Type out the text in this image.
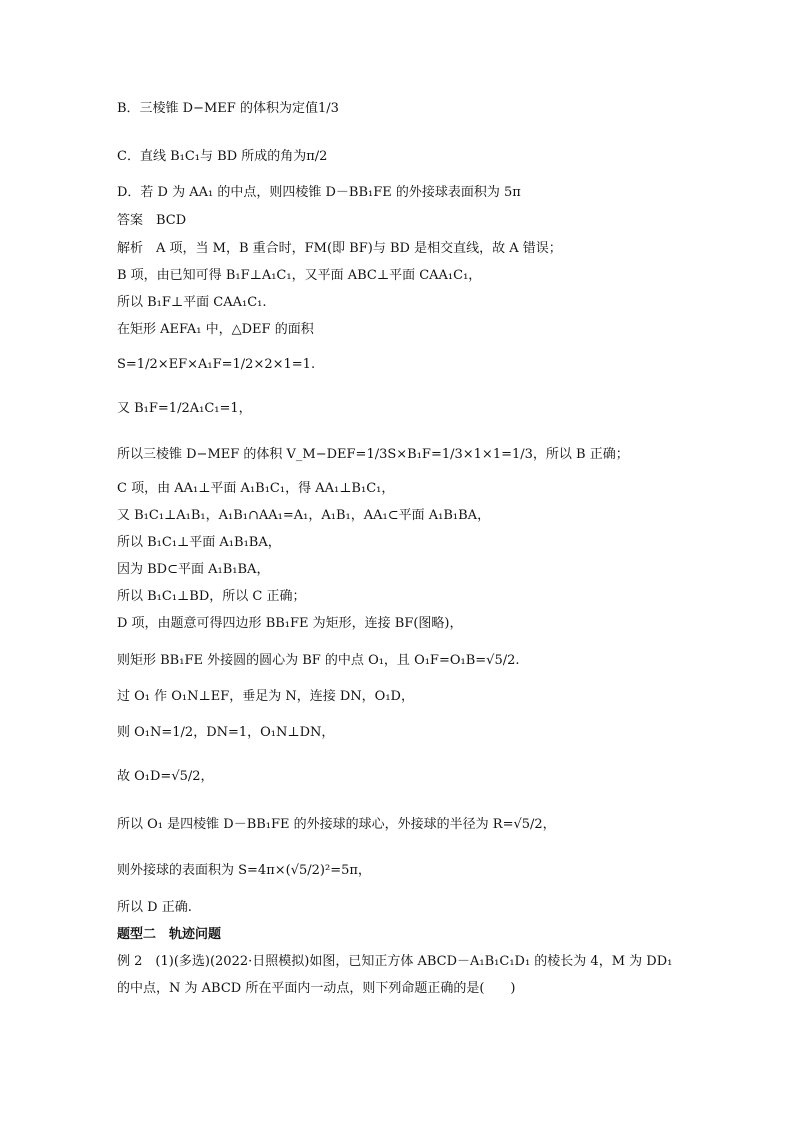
B．三棱锥 D−MEF 的体积为定值1/3
C．直线 B₁C₁与 BD 所成的角为π/2
D．若 D 为 AA₁ 的中点，则四棱锥 D－BB₁FE 的外接球表面积为 5π
答案　BCD
解析　A 项，当 M，B 重合时，FM(即 BF)与 BD 是相交直线，故 A 错误；
B 项，由已知可得 B₁F⊥A₁C₁，又平面 ABC⊥平面 CAA₁C₁，
所以 B₁F⊥平面 CAA₁C₁.
在矩形 AEFA₁ 中，△DEF 的面积
S=1/2×EF×A₁F=1/2×2×1=1.
又 B₁F=1/2A₁C₁=1，
所以三棱锥 D−MEF 的体积 V_M−DEF=1/3S×B₁F=1/3×1×1=1/3，所以 B 正确；
C 项，由 AA₁⊥平面 A₁B₁C₁，得 AA₁⊥B₁C₁，
又 B₁C₁⊥A₁B₁，A₁B₁∩AA₁=A₁，A₁B₁，AA₁⊂平面 A₁B₁BA，
所以 B₁C₁⊥平面 A₁B₁BA，
因为 BD⊂平面 A₁B₁BA，
所以 B₁C₁⊥BD，所以 C 正确；
D 项，由题意可得四边形 BB₁FE 为矩形，连接 BF(图略)，
则矩形 BB₁FE 外接圆的圆心为 BF 的中点 O₁，且 O₁F=O₁B=√5/2.
过 O₁ 作 O₁N⊥EF，垂足为 N，连接 DN，O₁D，
则 O₁N=1/2，DN=1，O₁N⊥DN，
故 O₁D=√5/2，
所以 O₁ 是四棱锥 D－BB₁FE 的外接球的球心，外接球的半径为 R=√5/2，
则外接球的表面积为 S=4π×(√5/2)²=5π，
所以 D 正确.
题型二　轨迹问题
例 2　(1)(多选)(2022·日照模拟)如图，已知正方体 ABCD－A₁B₁C₁D₁ 的棱长为 4，M 为 DD₁
的中点，N 为 ABCD 所在平面内一动点，则下列命题正确的是(　　)
